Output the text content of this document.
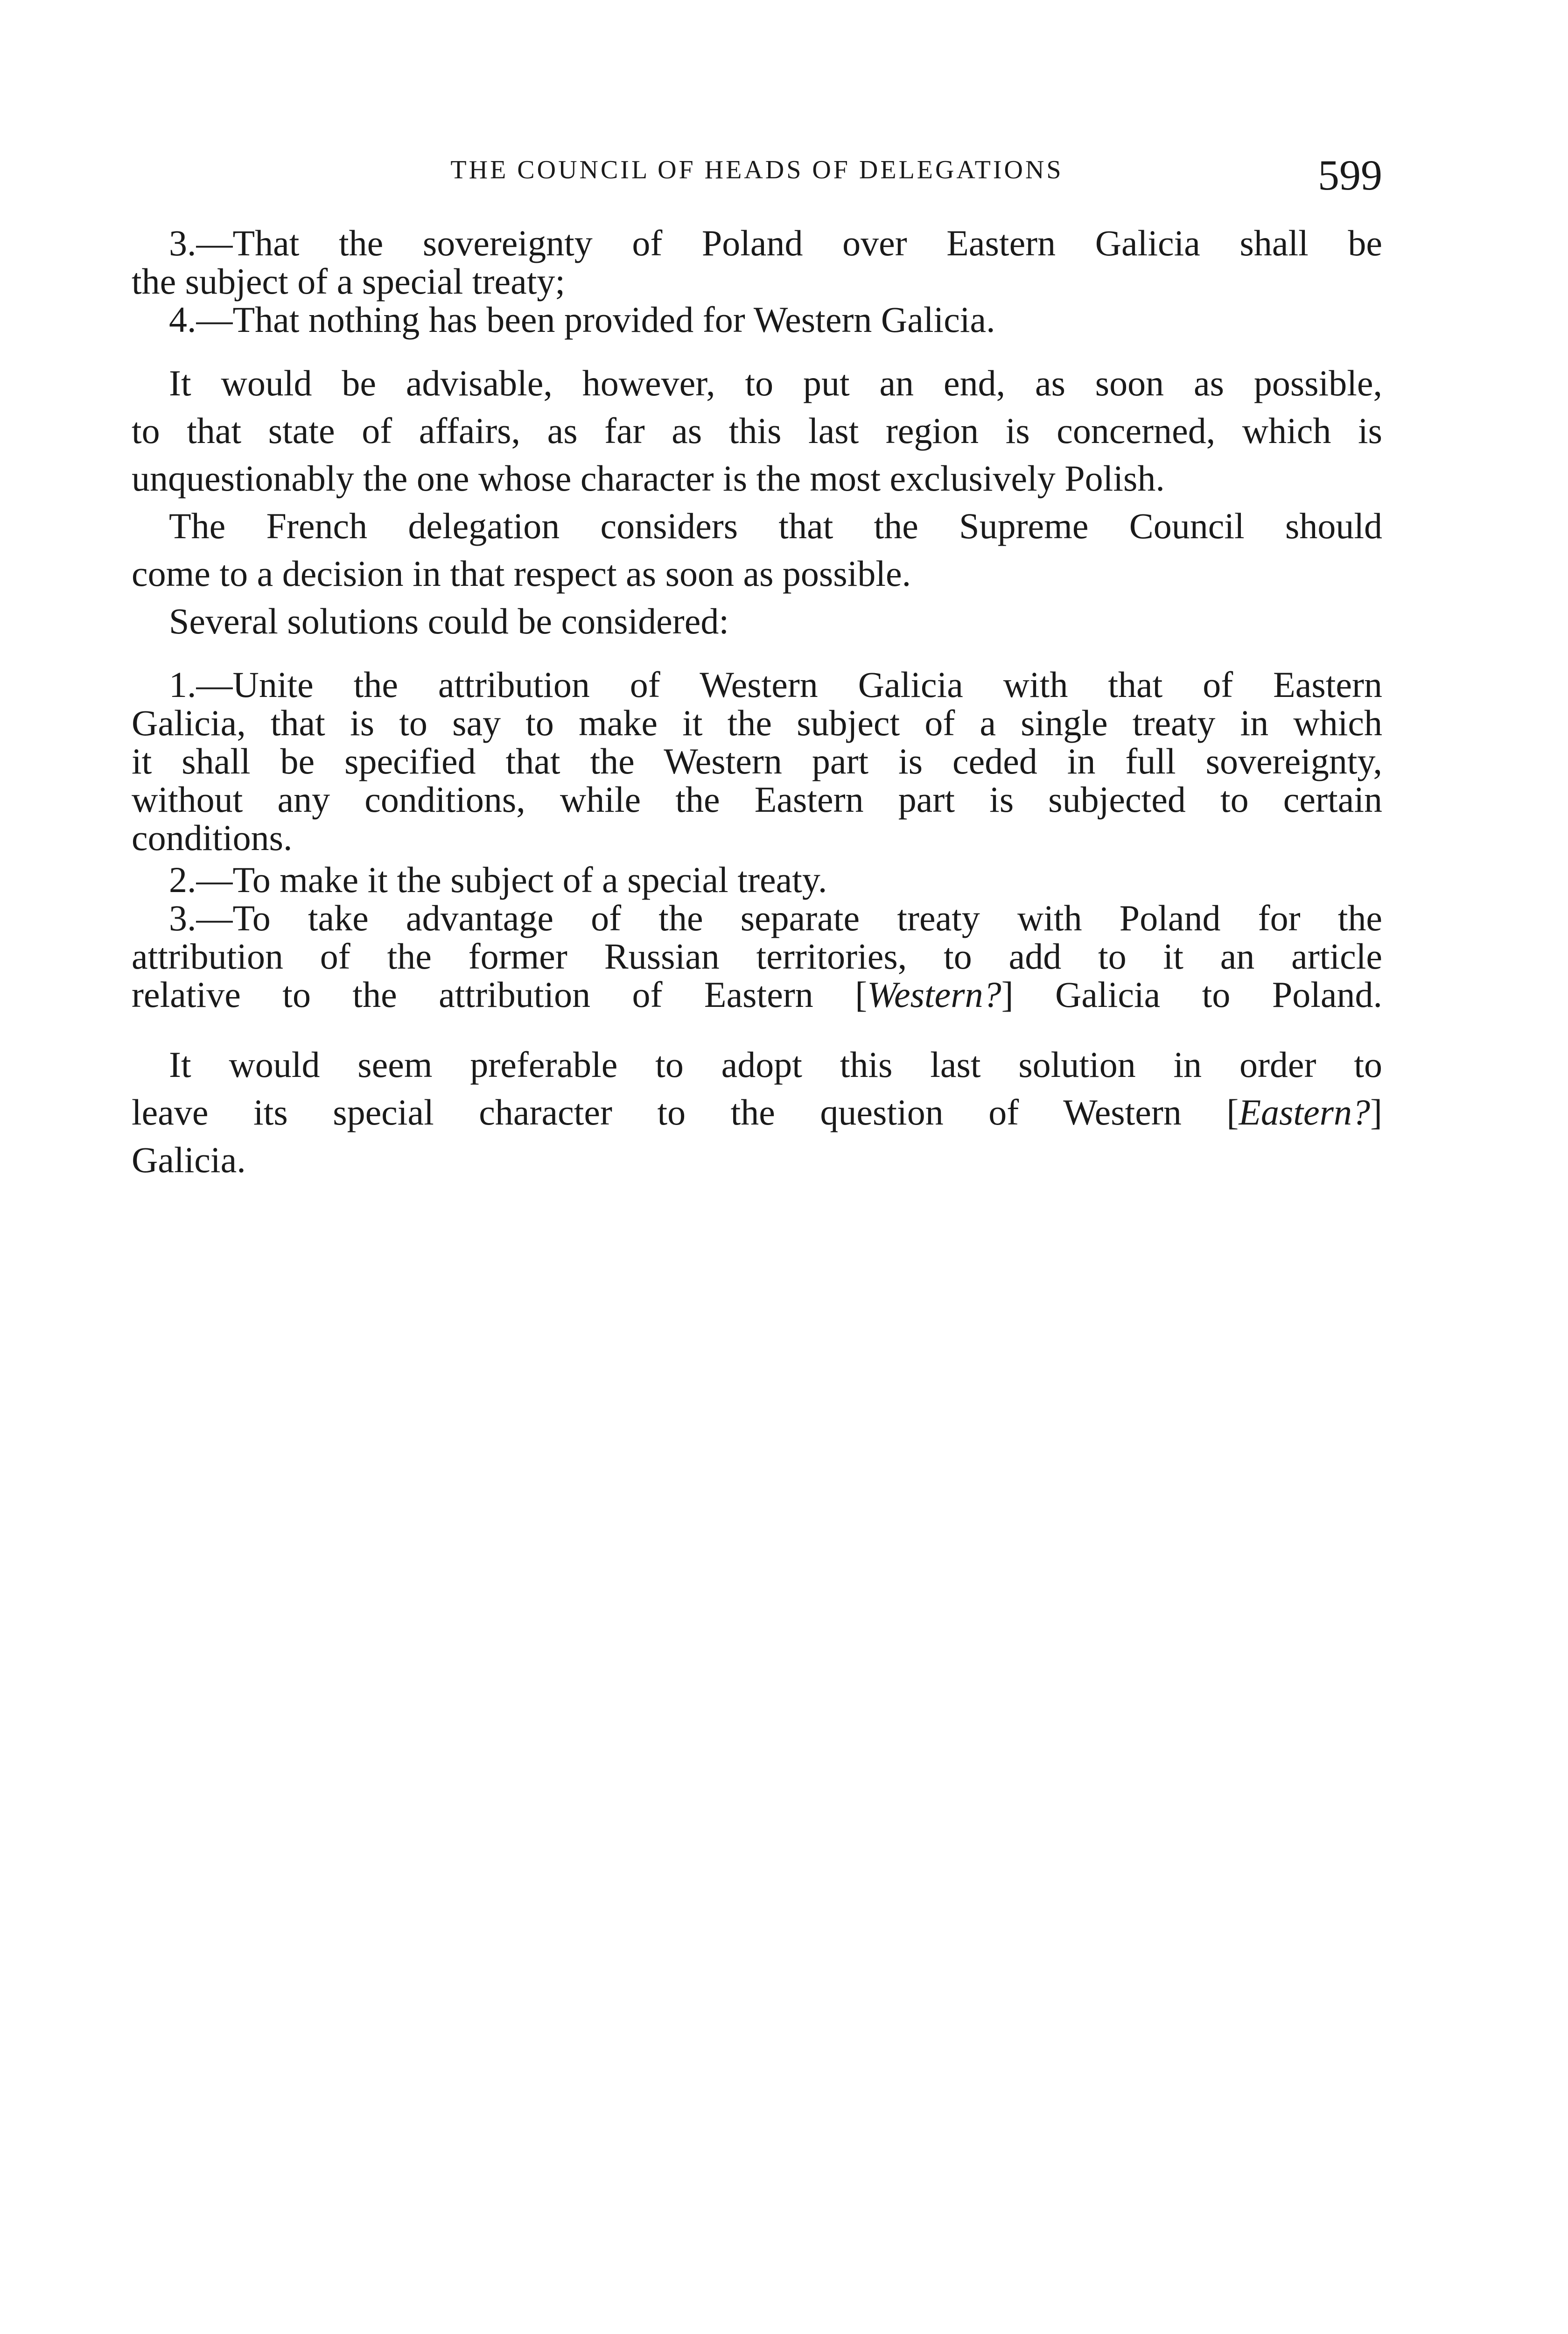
THE COUNCIL OF HEADS OF DELEGATIONS	599
3.—That the sovereignty of Poland over Eastern Galicia shall be
the subject of a special treaty;
4.—That nothing has been provided for Western Galicia.
It would be advisable, however, to put an end, as soon as possible,
to that state of affairs, as far as this last region is concerned, which is
unquestionably the one whose character is the most exclusively Polish.
The French delegation considers that the Supreme Council should
come to a decision in that respect as soon as possible.
Several solutions could be considered:
1.—Unite the attribution of Western Galicia with that of Eastern
Galicia, that is to say to make it the subject of a single treaty in which
it shall be specified that the Western part is ceded in full sovereignty,
without any conditions, while the Eastern part is subjected to certain
conditions.
2.—To make it the subject of a special treaty.
3.—To take advantage of the separate treaty with Poland for the
attribution of the former Russian territories, to add to it an article
relative to the attribution of Eastern [Western?] Galicia to Poland.
It would seem preferable to adopt this last solution in order to
leave its special character to the question of Western [Eastern?]
Galicia.
